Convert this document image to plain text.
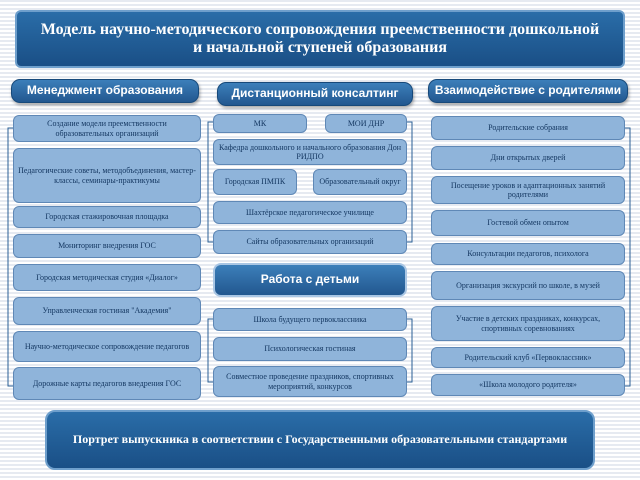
Модель научно-методического сопровождения преемственности дошкольной и начальной ступеней образования
Менеджмент образования	Дистанционный консалтинг	Взаимодействие с родителями
Создание модели преемственности образовательных организаций
Педагогические советы, методобъединения, мастер-классы, семинары-практикумы
Городская стажировочная площадка
Мониторинг внедрения ГОС
Городская методическая студия «Диалог»
Управленческая гостиная "Академия"
Научно-методическое сопровождение педагогов
Дорожные карты педагогов внедрения ГОС
МК	МОИ ДНР
Кафедра дошкольного и начального образования Дон РИДПО
Городская ПМПК	Образовательный округ
Шахтёрское педагогическое училище
Сайты образовательных организаций
Работа с детьми
Школа будущего первоклассника
Психологическая гостиная
Совместное проведение праздников, спортивных мероприятий, конкурсов
Родительские собрания
Дни открытых дверей
Посещение уроков и адаптационных занятий родителями
Гостевой обмен опытом
Консультации педагогов, психолога
Организация экскурсий по школе, в музей
Участие в детских праздниках, конкурсах, спортивных соревнованиях
Родительский клуб «Первоклассник»
«Школа молодого родителя»
Портрет выпускника в соответствии с Государственными образовательными стандартами
